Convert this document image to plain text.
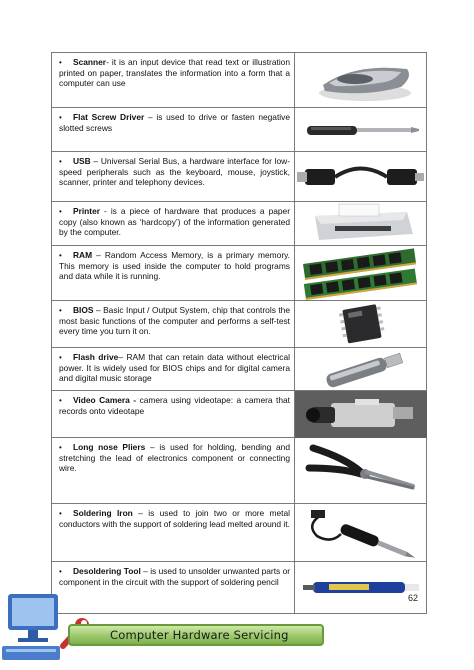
• Scanner- it is an input device that read text or illustration printed on paper, translates the information into a form that a computer can use	

• Flat Screw Driver – is used to drive or fasten negative slotted screws	

• USB – Universal Serial Bus, a hardware interface for low-speed peripherals such as the keyboard, mouse, joystick, scanner, printer and telephony devices.	

• Printer - is a piece of hardware that produces a paper copy (also known as ‘hardcopy’) of the information generated by the computer.	

• RAM – Random Access Memory, is a primary memory. This memory is used inside the computer to hold programs and data while it is running.	

• BIOS – Basic Input / Output System, chip that controls the most basic functions of the computer and performs a self-test every time you turn it on.	

• Flash drive– RAM that can retain data without electrical power. It is widely used for BIOS chips and for digital camera and digital music storage	

• Video Camera - camera using videotape: a camera that records onto videotape	

• Long nose Pliers – is used for holding, bending and stretching the lead of electronics component or connecting wire.	

• Soldering Iron – is used to join two or more metal conductors with the support of soldering lead melted around it.	

• Desoldering Tool – is used to unsolder unwanted parts or component in the circuit with the support of soldering pencil	
62
Computer Hardware Servicing
